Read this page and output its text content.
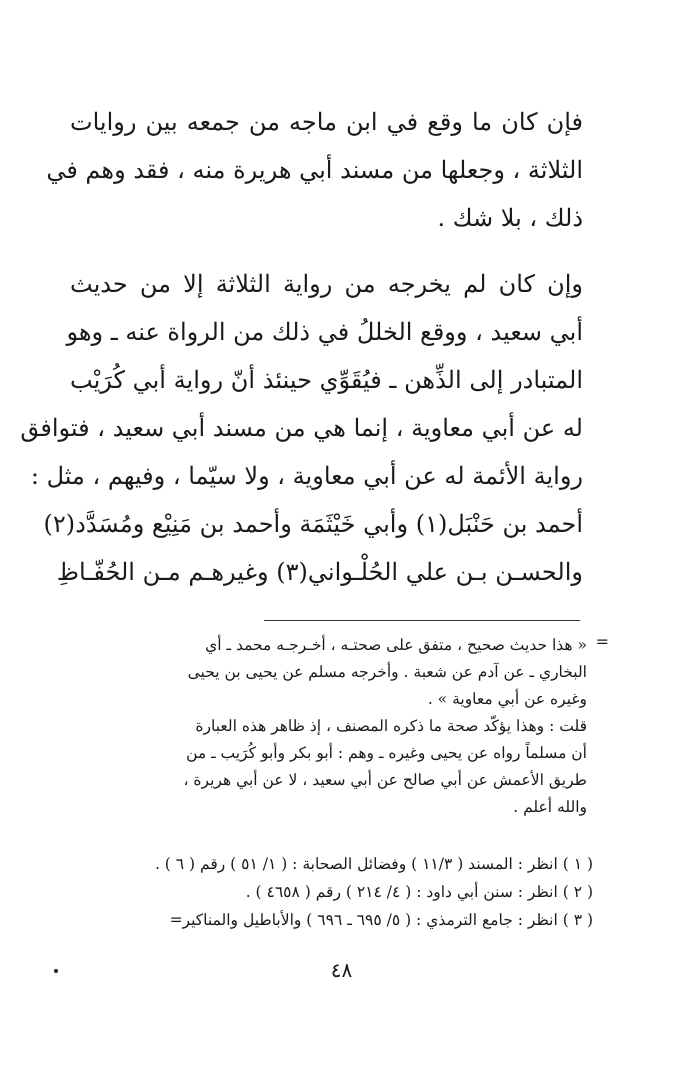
فإن كان ما وقع في ابن ماجه من جمعه بين روايات
الثلاثة ، وجعلها من مسند أبي هريرة منه ، فقد وهم في
ذلك ، بلا شك .

وإن كان لم يخرجه من رواية الثلاثة إلا من حديث
أبي سعيد ، ووقع الخللُ في ذلك من الرواة عنه ـ وهو
المتبادر إلى الذِّهن ـ فيُقَوِّي حينئذ أنّ رواية أبي كُرَيْب
له عن أبي معاوية ، إنما هي من مسند أبي سعيد ، فتوافق
رواية الأئمة له عن أبي معاوية ، ولا سيّما ، وفيهم ، مثل :
أحمد بن حَنْبَل(١) وأبي خَيْثَمَة وأحمد بن مَنِيْع ومُسَدَّد(٢)
والحسـن بـن علي الحُلْـواني(٣) وغيرهـم مـن الحُفّـاظِ

=
« هذا حديث صحيح ، متفق على صحتـه ، أخـرجـه محمد ـ أي
البخاري ـ عن آدم عن شعبة . وأخرجه مسلم عن يحيى بن يحيى
وغيره عن أبي معاوية » .
قلت : وهذا يؤكّد صحة ما ذكره المصنف ، إذ ظاهر هذه العبارة
أن مسلماً رواه عن يحيى وغيره ـ وهم : أبو بكر وأبو كُرَيب ـ من
طريق الأعمش عن أبي صالح عن أبي سعيد ، لا عن أبي هريرة ،
والله أعلم .
( ١ ) انظر : المسند ( ١١/٣ ) وفضائل الصحابة : ( ١/ ٥١ ) رقم ( ٦ ) .
( ٢ ) انظر : سنن أبي داود : ( ٤/ ٢١٤ ) رقم ( ٤٦٥٨ ) .
( ٣ ) انظر : جامع الترمذي : ( ٥/ ٦٩٥ ـ ٦٩٦ ) والأباطيل والمناكير=
٤٨
